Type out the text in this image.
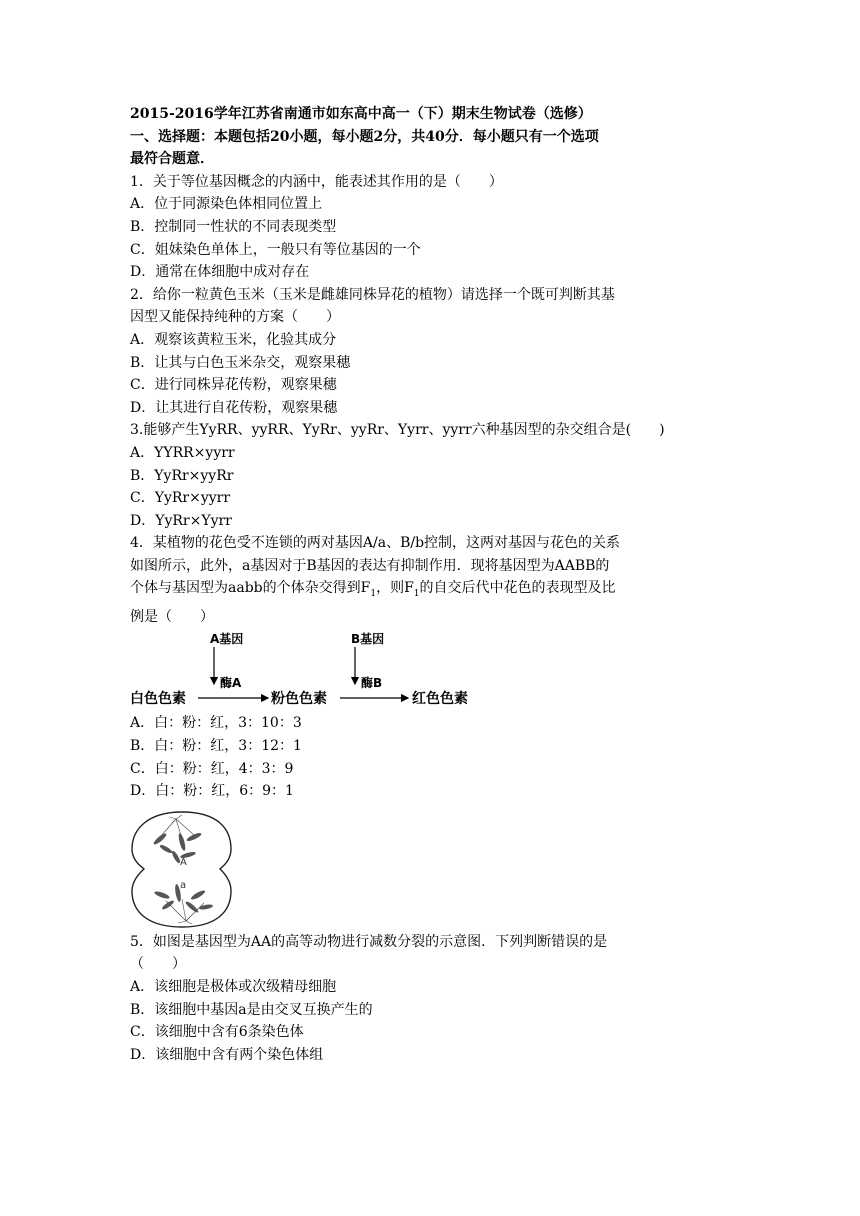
2015-2016学年江苏省南通市如东高中高一（下）期末生物试卷（选修）
一、选择题：本题包括20小题，每小题2分，共40分．每小题只有一个选项
最符合题意．
1．关于等位基因概念的内涵中，能表述其作用的是（　　）
A．位于同源染色体相同位置上
B．控制同一性状的不同表现类型
C．姐妹染色单体上，一般只有等位基因的一个
D．通常在体细胞中成对存在
2．给你一粒黄色玉米（玉米是雌雄同株异花的植物）请选择一个既可判断其基
因型又能保持纯种的方案（　　）
A．观察该黄粒玉米，化验其成分
B．让其与白色玉米杂交，观察果穗
C．进行同株异花传粉，观察果穗
D．让其进行自花传粉，观察果穗
3.能够产生YyRR、yyRR、YyRr、yyRr、Yyrr、yyrr六种基因型的杂交组合是(　　)
A．YYRR×yyrr
B．YyRr×yyRr
C．YyRr×yyrr
D．YyRr×Yyrr
4．某植物的花色受不连锁的两对基因A/a、B/b控制，这两对基因与花色的关系
如图所示，此外，a基因对于B基因的表达有抑制作用．现将基因型为AABB的
个体与基因型为aabb的个体杂交得到$F_1$，则$F_1$的自交后代中花色的表现型及比
例是（　　）
A基因	B基因
酶A	酶B
白色色素	粉色色素	红色色素
A．白：粉：红，3：10：3
B．白：粉：红，3：12：1
C．白：粉：红，4：3：9
D．白：粉：红，6：9：1
A
a
5．如图是基因型为AA的高等动物进行减数分裂的示意图．下列判断错误的是
（　　）
A．该细胞是极体或次级精母细胞
B．该细胞中基因a是由交叉互换产生的
C．该细胞中含有6条染色体
D．该细胞中含有两个染色体组
